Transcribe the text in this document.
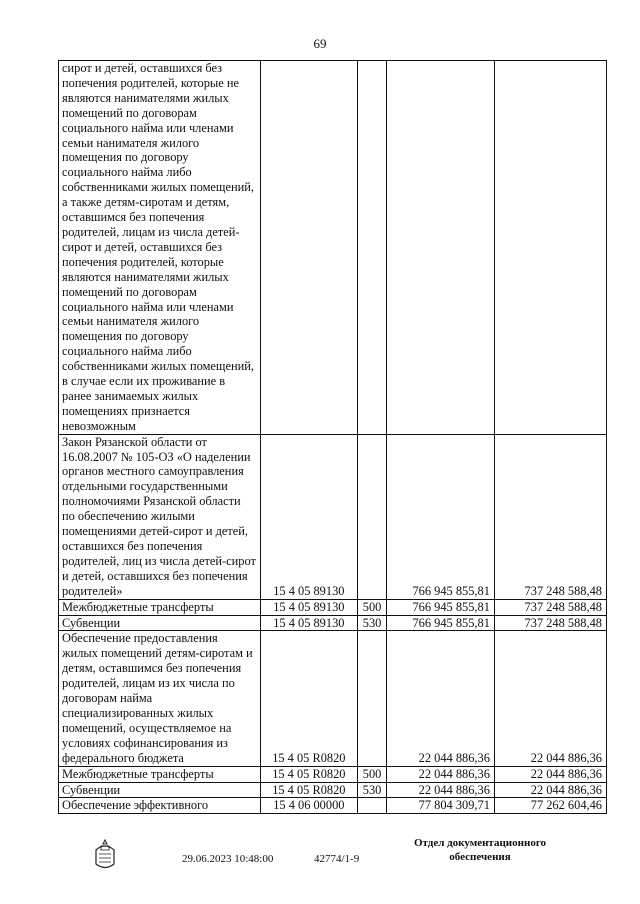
69
сирот и детей, оставшихся без попечения родителей, которые не являются нанимателями жилых помещений по договорам социального найма или членами семьи нанимателя жилого помещения по договору социального найма либо собственниками жилых помещений, а также детям-сиротам и детям, оставшимся без попечения родителей, лицам из числа детей-сирот и детей, оставшихся без попечения родителей, которые являются нанимателями жилых помещений по договорам социального найма или членами семьи нанимателя жилого помещения по договору социального найма либо собственниками жилых помещений, в случае если их проживание в ранее занимаемых жилых помещениях признается невозможным				
Закон Рязанской области от 16.08.2007 № 105-ОЗ «О наделении органов местного самоуправления отдельными государственными полномочиями Рязанской области по обеспечению жилыми помещениями детей-сирот и детей, оставшихся без попечения родителей, лиц из числа детей-сирот и детей, оставшихся без попечения родителей»	15 4 05 89130		766 945 855,81	737 248 588,48
Межбюджетные трансферты	15 4 05 89130	500	766 945 855,81	737 248 588,48
Субвенции	15 4 05 89130	530	766 945 855,81	737 248 588,48
Обеспечение предоставления жилых помещений детям-сиротам и детям, оставшимся без попечения родителей, лицам из их числа по договорам найма специализированных жилых помещений, осуществляемое на условиях софинансирования из федерального бюджета	15 4 05 R0820		22 044 886,36	22 044 886,36
Межбюджетные трансферты	15 4 05 R0820	500	22 044 886,36	22 044 886,36
Субвенции	15 4 05 R0820	530	22 044 886,36	22 044 886,36
Обеспечение эффективного	15 4 06 00000		77 804 309,71	77 262 604,46
29.06.2023 10:48:00	42774/1-9
Отдел документационного обеспечения
